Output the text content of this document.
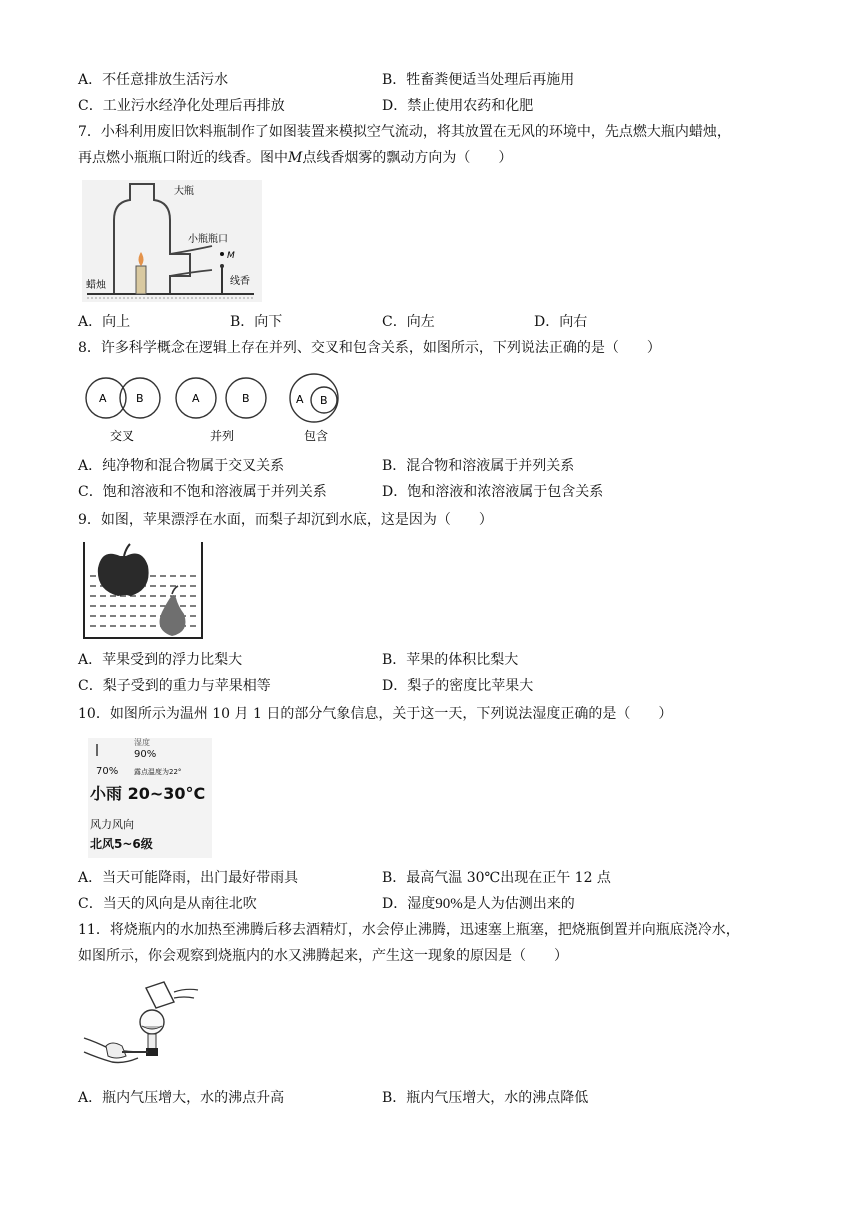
A．不任意排放生活污水	B．牲畜粪便适当处理后再施用
C．工业污水经净化处理后再排放	D．禁止使用农药和化肥
7．小科利用废旧饮料瓶制作了如图装置来模拟空气流动，将其放置在无风的环境中，先点燃大瓶内蜡烛，
再点燃小瓶瓶口附近的线香。图中M点线香烟雾的飘动方向为（　　）
大瓶
小瓶瓶口
M
线香
蜡烛
A．向上	B．向下	C．向左	D．向右
8．许多科学概念在逻辑上存在并列、交叉和包含关系，如图所示，下列说法正确的是（　　）
A	B
交叉
A	B
并列
A B
包含
A．纯净物和混合物属于交叉关系	B．混合物和溶液属于并列关系
C．饱和溶液和不饱和溶液属于并列关系	D．饱和溶液和浓溶液属于包含关系
9．如图，苹果漂浮在水面，而梨子却沉到水底，这是因为（　　）
A．苹果受到的浮力比梨大	B．苹果的体积比梨大
C．梨子受到的重力与苹果相等	D．梨子的密度比苹果大
10．如图所示为温州 10 月 1 日的部分气象信息，关于这一天，下列说法湿度正确的是（　　）
湿度
90%
70% 露点温度为22°
小雨 20~30°C
风力风向
北风5~6级
A．当天可能降雨，出门最好带雨具	B．最高气温 30℃出现在正午 12 点
C．当天的风向是从南往北吹	D．湿度90%是人为估测出来的
11．将烧瓶内的水加热至沸腾后移去酒精灯，水会停止沸腾，迅速塞上瓶塞，把烧瓶倒置并向瓶底浇冷水，
如图所示，你会观察到烧瓶内的水又沸腾起来，产生这一现象的原因是（　　）
A．瓶内气压增大，水的沸点升高	B．瓶内气压增大，水的沸点降低
